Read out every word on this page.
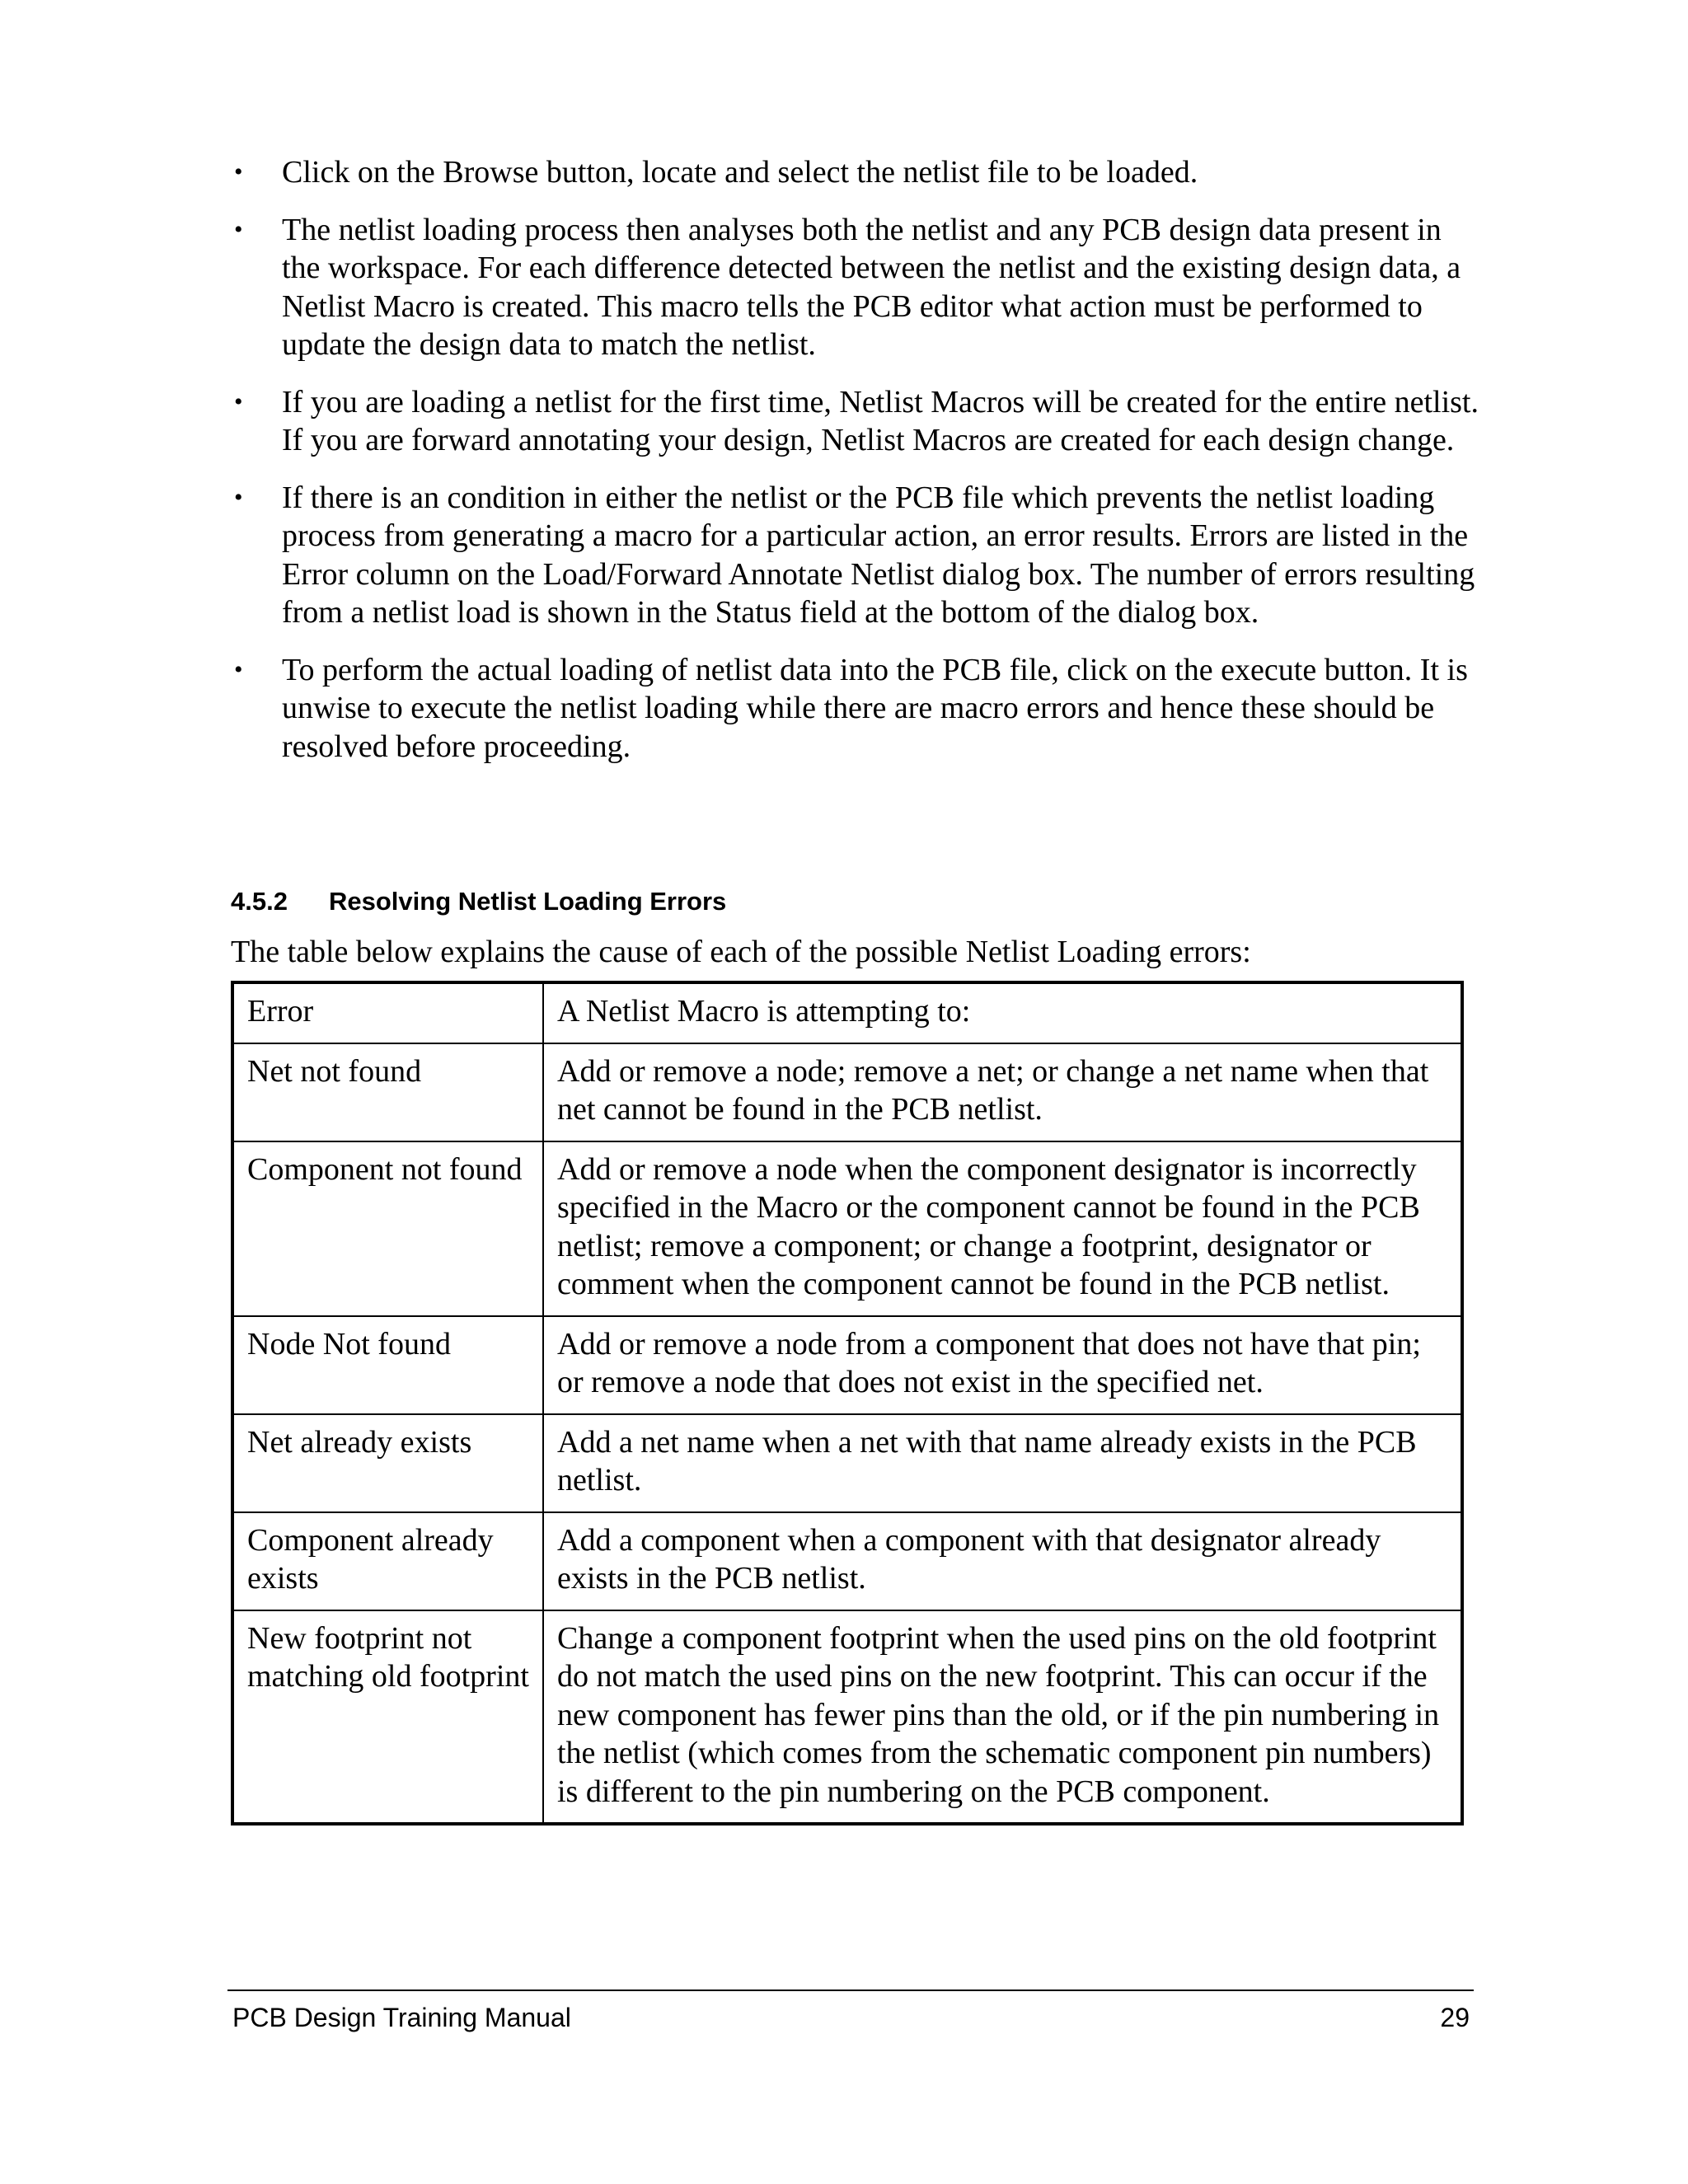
• Click on the Browse button, locate and select the netlist file to be loaded.
• The netlist loading process then analyses both the netlist and any PCB design data present in the workspace. For each difference detected between the netlist and the existing design data, a Netlist Macro is created. This macro tells the PCB editor what action must be performed to update the design data to match the netlist.
• If you are loading a netlist for the first time, Netlist Macros will be created for the entire netlist. If you are forward annotating your design, Netlist Macros are created for each design change.
• If there is an condition in either the netlist or the PCB file which prevents the netlist loading process from generating a macro for a particular action, an error results. Errors are listed in the Error column on the Load/Forward Annotate Netlist dialog box. The number of errors resulting from a netlist load is shown in the Status field at the bottom of the dialog box.
• To perform the actual loading of netlist data into the PCB file, click on the execute button. It is unwise to execute the netlist loading while there are macro errors and hence these should be resolved before proceeding.
4.5.2 Resolving Netlist Loading Errors
The table below explains the cause of each of the possible Netlist Loading errors:
Error	A Netlist Macro is attempting to:
Net not found	Add or remove a node; remove a net; or change a net name when that net cannot be found in the PCB netlist.
Component not found	Add or remove a node when the component designator is incorrectly specified in the Macro or the component cannot be found in the PCB netlist; remove a component; or change a footprint, designator or comment when the component cannot be found in the PCB netlist.
Node Not found	Add or remove a node from a component that does not have that pin; or remove a node that does not exist in the specified net.
Net already exists	Add a net name when a net with that name already exists in the PCB netlist.
Component already exists	Add a component when a component with that designator already exists in the PCB netlist.
New footprint not matching old footprint	Change a component footprint when the used pins on the old footprint do not match the used pins on the new footprint. This can occur if the new component has fewer pins than the old, or if the pin numbering in the netlist (which comes from the schematic component pin numbers) is different to the pin numbering on the PCB component.
PCB Design Training Manual	29
